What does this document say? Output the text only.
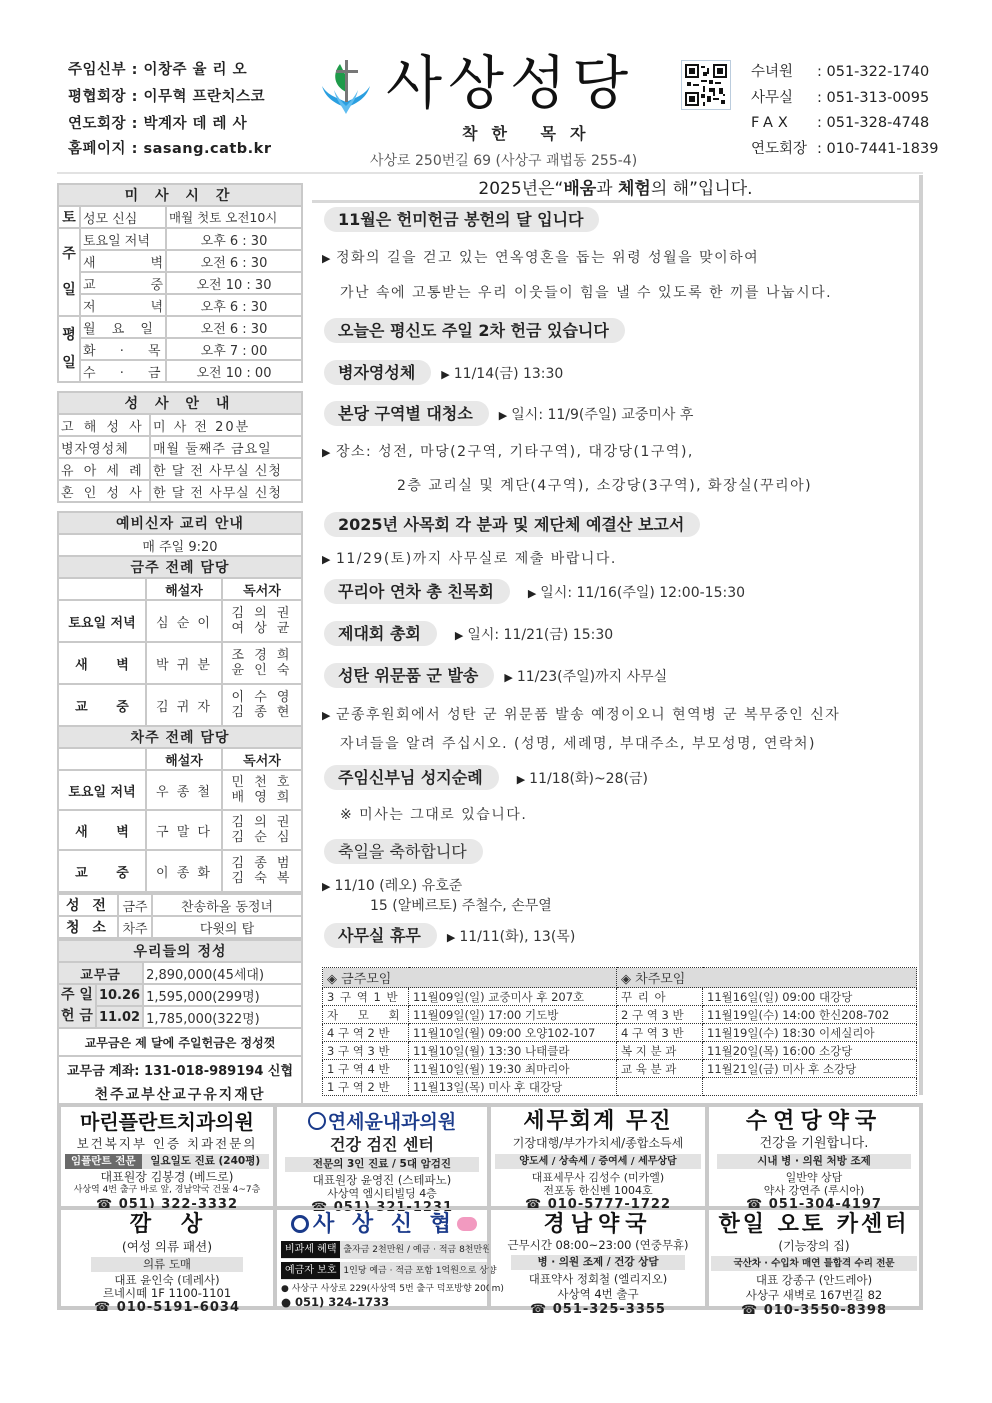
주임신부 : 이창주 율 리 오
평협회장 : 이무혁 프란치스코
연도회장 : 박계자 데 레 사
홈페이지 : sasang.catb.kr
사상성당
착한 목자
사상로 250번길 69 (사상구 괘법동 255-4)
수녀원 : 051-322-1740
사무실 : 051-313-0095
FAX : 051-328-4748
연도회장 : 010-7441-1839
미 사 시 간		
토	성모 신심	매월 첫토 오전10시
주
일	토요일 저녁	오후 6 : 30

	새 벽	오전 6 : 30

	교 중	오전 10 : 30

	저 녁	오후 6 : 30
평
일	월 요 일	오전 6 : 30
	화 · 목	오후 7 : 00
	수 · 금	오전 10 : 00
성 사 안 내	
고 해 성 사	미 사 전 20분
병자영성체	매월 둘째주 금요일
유 아 세 례	한 달 전 사무실 신청
혼 인 성 사	한 달 전 사무실 신청
예비신자 교리 안내		
매 주일 9:20		
금주 전례 담당		
	해설자	독서자
토요일 저녁	심 순 이	김 의 권
여 상 균
새 벽	박 귀 분	조 경 희
윤 인 숙
교 중	김 귀 자	이 수 영
김 종 현
차주 전례 담당		
	해설자	독서자
토요일 저녁	우 종 철	민 천 호
배 영 희
새 벽	구 말 다	김 의 권
김 순 심
교 중	이 종 화	김 종 범
김 숙 복
성 전	금주	찬송하올 동정녀
청 소	차주	다윗의 탑
우리들의 정성		
교무금		2,890,000(45세대)
주 일
헌 금	10.26	1,595,000(299명)
	11.02	1,785,000(322명)
교무금은 제 달에 주일헌금은 정성껏		
교무금 계좌: 131-018-989194 신협		
천주교부산교구유지재단		
2025년은“배움과 체험의 해”입니다.
11월은 헌미헌금 봉헌의 달 입니다
▶ 정화의 길을 걷고 있는 연옥영혼을 돕는 위령 성월을 맞이하여
가난 속에 고통받는 우리 이웃들이 힘을 낼 수 있도록 한 끼를 나눕시다.
오늘은 평신도 주일 2차 헌금 있습니다
병자영성체 ▶ 11/14(금) 13:30
본당 구역별 대청소 ▶ 일시: 11/9(주일) 교중미사 후
▶ 장소: 성전, 마당(2구역, 기타구역), 대강당(1구역),
2층 교리실 및 계단(4구역), 소강당(3구역), 화장실(꾸리아)
2025년 사목회 각 분과 및 제단체 예결산 보고서
▶ 11/29(토)까지 사무실로 제출 바랍니다.
꾸리아 연차 총 친목회	▶ 일시: 11/16(주일) 12:00-15:30
제대회 총회	▶ 일시: 11/21(금) 15:30
성탄 위문품 군 발송 ▶ 11/23(주일)까지 사무실
▶ 군종후원회에서 성탄 군 위문품 발송 예정이오니 현역병 군 복무중인 신자
자녀들을 알려 주십시오. (성명, 세례명, 부대주소, 부모성명, 연락처)
주임신부님 성지순례	▶ 11/18(화)~28(금)
※ 미사는 그대로 있습니다.
축일을 축하합니다
▶ 11/10 (레오) 유호준
15 (알베르토) 주철수, 손무열
사무실 휴무 ▶ 11/11(화), 13(목)
◈ 금주모임		◈ 차주모임	
3 구 역 1 반	11월09일(일) 교중미사 후 207호	꾸 리 아	11월16일(일) 09:00 대강당
자 모 회	11월09일(일) 17:00 기도방	2 구 역 3 반	11월19일(수) 14:00 한신208-702
4 구 역 2 반	11월10일(월) 09:00 오양102-107	4 구 역 3 반	11월19일(수) 18:30 이세실리아
3 구 역 3 반	11월10일(월) 13:30 나태클라	복 지 분 과	11월20일(목) 16:00 소강당
1 구 역 4 반	11월10일(월) 19:30 최마리아	교 육 분 과	11월21일(금) 미사 후 소강당
1 구 역 2 반	11월13일(목) 미사 후 대강당		
마린플란트치과의원
보건복지부 인증 치과전문의
임플란트 전문	일요일도 진료 (240평)
대표원장 김봉경 (베드로)
사상역 4번 출구 바로 앞, 경남약국 건물 4~7층
☎ 051) 322-3332
연세윤내과의원
건강 검진 센터
전문의 3인 진료 / 5대 암검진
대표원장 윤영진 (스테파노)
사상역 엠시티빌딩 4층
☎ 051) 321-1231
세무회계 무진
기장대행/부가가치세/종합소득세
양도세 / 상속세 / 증여세 / 세무상담
대표세무사 김성수 (미카엘)
전포동 한신벤 1004호
☎ 010-5777-1722
수연당약국
건강을 기원합니다.
시내 병 · 의원 처방 조제
일반약 상담
약사 강연주 (루시아)
☎ 051-304-4197
깜 상
(여성 의류 패션)
의류 도매
대표 윤인숙 (데레사)
르네시떼 1F 1100-1101
☎ 010-5191-6034
사 상 신 협
비과세 혜택 출자금 2천만원 / 예금 · 적금 8천만원
예금자 보호 1인당 예금 · 적금 포함 1억원으로 상향
● 사상구 사상로 229(사상역 5번 출구 덕포방향 200m)
● 051) 324-1733
경남약국
근무시간 08:00~23:00 (연중무휴)
병 · 의원 조제 / 건강 상담
대표약사 정회철 (엘리지오)
사상역 4번 출구
☎ 051-325-3355
한일 오토 카센터
(기능장의 집)
국산차 · 수입차 매연 틀합격 수리 전문
대표 강종구 (안드레아)
사상구 새벽로 167번길 82
☎ 010-3550-8398
